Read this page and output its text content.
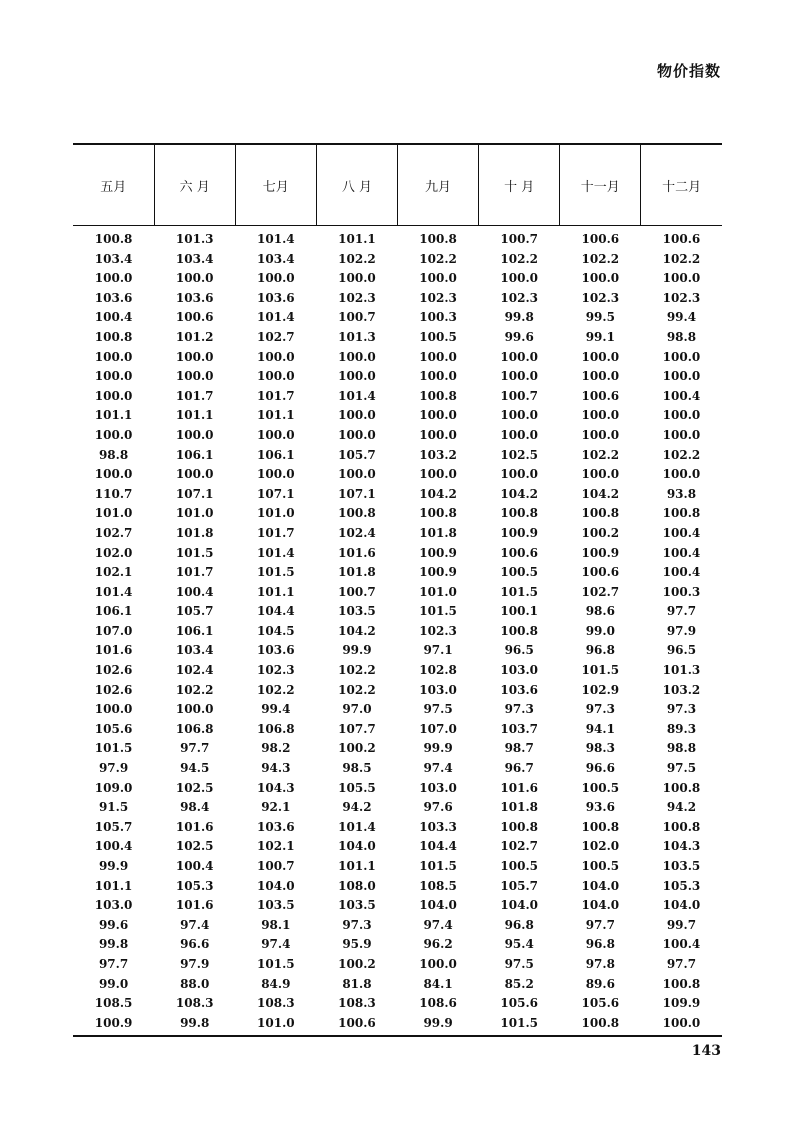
物价指数
五月	六 月	七月	八 月	九月	十 月	十一月	十二月
100.8	101.3	101.4	101.1	100.8	100.7	100.6	100.6
103.4	103.4	103.4	102.2	102.2	102.2	102.2	102.2
100.0	100.0	100.0	100.0	100.0	100.0	100.0	100.0
103.6	103.6	103.6	102.3	102.3	102.3	102.3	102.3
100.4	100.6	101.4	100.7	100.3	99.8	99.5	99.4
100.8	101.2	102.7	101.3	100.5	99.6	99.1	98.8
100.0	100.0	100.0	100.0	100.0	100.0	100.0	100.0
100.0	100.0	100.0	100.0	100.0	100.0	100.0	100.0
100.0	101.7	101.7	101.4	100.8	100.7	100.6	100.4
101.1	101.1	101.1	100.0	100.0	100.0	100.0	100.0
100.0	100.0	100.0	100.0	100.0	100.0	100.0	100.0
98.8	106.1	106.1	105.7	103.2	102.5	102.2	102.2
100.0	100.0	100.0	100.0	100.0	100.0	100.0	100.0
110.7	107.1	107.1	107.1	104.2	104.2	104.2	93.8
101.0	101.0	101.0	100.8	100.8	100.8	100.8	100.8
102.7	101.8	101.7	102.4	101.8	100.9	100.2	100.4
102.0	101.5	101.4	101.6	100.9	100.6	100.9	100.4
102.1	101.7	101.5	101.8	100.9	100.5	100.6	100.4
101.4	100.4	101.1	100.7	101.0	101.5	102.7	100.3
106.1	105.7	104.4	103.5	101.5	100.1	98.6	97.7
107.0	106.1	104.5	104.2	102.3	100.8	99.0	97.9
101.6	103.4	103.6	99.9	97.1	96.5	96.8	96.5
102.6	102.4	102.3	102.2	102.8	103.0	101.5	101.3
102.6	102.2	102.2	102.2	103.0	103.6	102.9	103.2
100.0	100.0	99.4	97.0	97.5	97.3	97.3	97.3
105.6	106.8	106.8	107.7	107.0	103.7	94.1	89.3
101.5	97.7	98.2	100.2	99.9	98.7	98.3	98.8
97.9	94.5	94.3	98.5	97.4	96.7	96.6	97.5
109.0	102.5	104.3	105.5	103.0	101.6	100.5	100.8
91.5	98.4	92.1	94.2	97.6	101.8	93.6	94.2
105.7	101.6	103.6	101.4	103.3	100.8	100.8	100.8
100.4	102.5	102.1	104.0	104.4	102.7	102.0	104.3
99.9	100.4	100.7	101.1	101.5	100.5	100.5	103.5
101.1	105.3	104.0	108.0	108.5	105.7	104.0	105.3
103.0	101.6	103.5	103.5	104.0	104.0	104.0	104.0
99.6	97.4	98.1	97.3	97.4	96.8	97.7	99.7
99.8	96.6	97.4	95.9	96.2	95.4	96.8	100.4
97.7	97.9	101.5	100.2	100.0	97.5	97.8	97.7
99.0	88.0	84.9	81.8	84.1	85.2	89.6	100.8
108.5	108.3	108.3	108.3	108.6	105.6	105.6	109.9
100.9	99.8	101.0	100.6	99.9	101.5	100.8	100.0
143
